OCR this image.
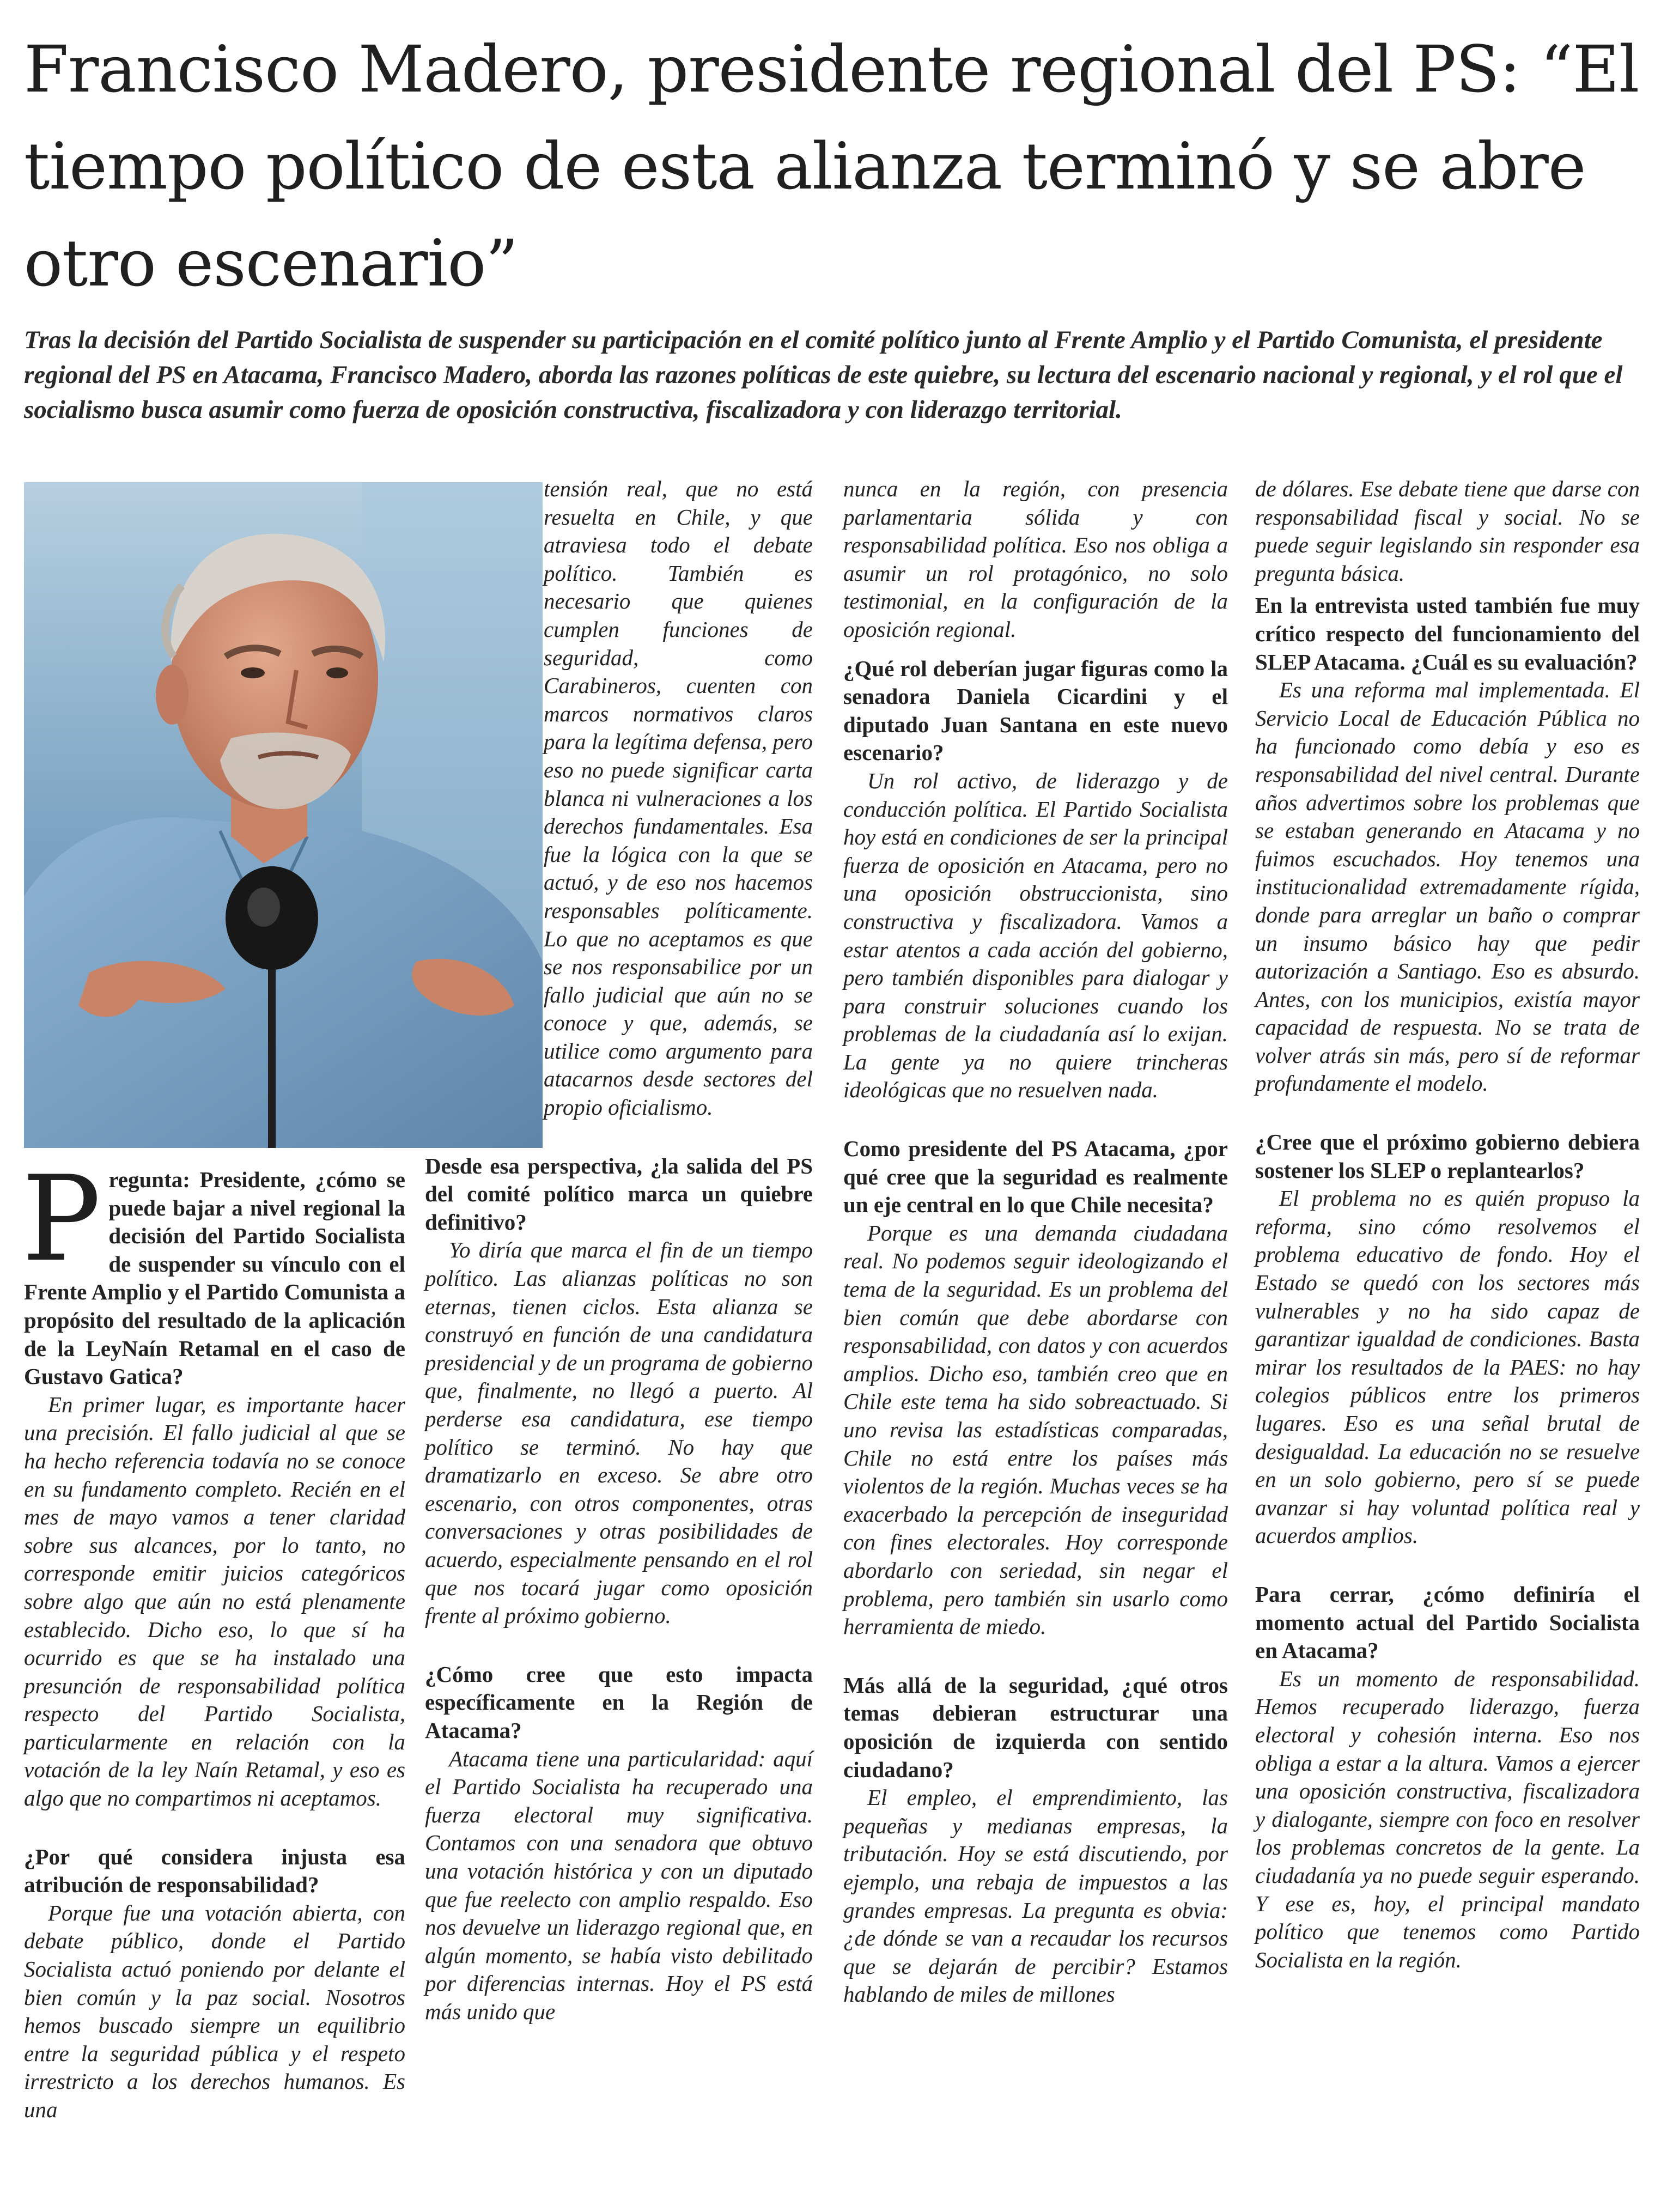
Francisco Madero, presidente regional del PS: “El tiempo político de esta alianza terminó y se abre otro escenario”

Tras la decisión del Partido Socialista de suspender su participación en el comité político junto al Frente Amplio y el Partido Comunista, el presidente regional del PS en Atacama, Francisco Madero, aborda las razones políticas de este quiebre, su lectura del escenario nacional y regional, y el rol que el socialismo busca asumir como fuerza de oposición constructiva, fiscalizadora y con liderazgo territorial.

Pregunta: Presidente, ¿cómo se puede bajar a nivel regional la decisión del Partido Socialista de suspender su vínculo con el Frente Amplio y el Partido Comunista a propósito del resultado de la aplicación de la LeyNaín Retamal en el caso de Gustavo Gatica?

En primer lugar, es importante hacer una precisión. El fallo judicial al que se ha hecho referencia todavía no se conoce en su fundamento completo. Recién en el mes de mayo vamos a tener claridad sobre sus alcances, por lo tanto, no corresponde emitir juicios categóricos sobre algo que aún no está plenamente establecido. Dicho eso, lo que sí ha ocurrido es que se ha instalado una presunción de responsabilidad política respecto del Partido Socialista, particularmente en relación con la votación de la ley Naín Retamal, y eso es algo que no compartimos ni aceptamos.

¿Por qué considera injusta esa atribución de responsabilidad?

Porque fue una votación abierta, con debate público, donde el Partido Socialista actuó poniendo por delante el bien común y la paz social. Nosotros hemos buscado siempre un equilibrio entre la seguridad pública y el respeto irrestricto a los derechos humanos. Es una

tensión real, que no está resuelta en Chile, y que atraviesa todo el debate político. También es necesario que quienes cumplen funciones de seguridad, como Carabineros, cuenten con marcos normativos claros para la legítima defensa, pero eso no puede significar carta blanca ni vulneraciones a los derechos fundamentales. Esa fue la lógica con la que se actuó, y de eso nos hacemos responsables políticamente. Lo que no aceptamos es que se nos responsabilice por un fallo judicial que aún no se conoce y que, además, se utilice como argumento para atacarnos desde sectores del propio oficialismo.

Desde esa perspectiva, ¿la salida del PS del comité político marca un quiebre definitivo?

Yo diría que marca el fin de un tiempo político. Las alianzas políticas no son eternas, tienen ciclos. Esta alianza se construyó en función de una candidatura presidencial y de un programa de gobierno que, finalmente, no llegó a puerto. Al perderse esa candidatura, ese tiempo político se terminó. No hay que dramatizarlo en exceso. Se abre otro escenario, con otros componentes, otras conversaciones y otras posibilidades de acuerdo, especialmente pensando en el rol que nos tocará jugar como oposición frente al próximo gobierno.

¿Cómo cree que esto impacta específicamente en la Región de Atacama?

Atacama tiene una particularidad: aquí el Partido Socialista ha recuperado una fuerza electoral muy significativa. Contamos con una senadora que obtuvo una votación histórica y con un diputado que fue reelecto con amplio respaldo. Eso nos devuelve un liderazgo regional que, en algún momento, se había visto debilitado por diferencias internas. Hoy el PS está más unido que

nunca en la región, con presencia parlamentaria sólida y con responsabilidad política. Eso nos obliga a asumir un rol protagónico, no solo testimonial, en la configuración de la oposición regional.

¿Qué rol deberían jugar figuras como la senadora Daniela Cicardini y el diputado Juan Santana en este nuevo escenario?

Un rol activo, de liderazgo y de conducción política. El Partido Socialista hoy está en condiciones de ser la principal fuerza de oposición en Atacama, pero no una oposición obstruccionista, sino constructiva y fiscalizadora. Vamos a estar atentos a cada acción del gobierno, pero también disponibles para dialogar y para construir soluciones cuando los problemas de la ciudadanía así lo exijan. La gente ya no quiere trincheras ideológicas que no resuelven nada.

Como presidente del PS Atacama, ¿por qué cree que la seguridad es realmente un eje central en lo que Chile necesita?

Porque es una demanda ciudadana real. No podemos seguir ideologizando el tema de la seguridad. Es un problema del bien común que debe abordarse con responsabilidad, con datos y con acuerdos amplios. Dicho eso, también creo que en Chile este tema ha sido sobreactuado. Si uno revisa las estadísticas comparadas, Chile no está entre los países más violentos de la región. Muchas veces se ha exacerbado la percepción de inseguridad con fines electorales. Hoy corresponde abordarlo con seriedad, sin negar el problema, pero también sin usarlo como herramienta de miedo.

Más allá de la seguridad, ¿qué otros temas debieran estructurar una oposición de izquierda con sentido ciudadano?

El empleo, el emprendimiento, las pequeñas y medianas empresas, la tributación. Hoy se está discutiendo, por ejemplo, una rebaja de impuestos a las grandes empresas. La pregunta es obvia: ¿de dónde se van a recaudar los recursos que se dejarán de percibir? Estamos hablando de miles de millones

de dólares. Ese debate tiene que darse con responsabilidad fiscal y social. No se puede seguir legislando sin responder esa pregunta básica.

En la entrevista usted también fue muy crítico respecto del funcionamiento del SLEP Atacama. ¿Cuál es su evaluación?

Es una reforma mal implementada. El Servicio Local de Educación Pública no ha funcionado como debía y eso es responsabilidad del nivel central. Durante años advertimos sobre los problemas que se estaban generando en Atacama y no fuimos escuchados. Hoy tenemos una institucionalidad extremadamente rígida, donde para arreglar un baño o comprar un insumo básico hay que pedir autorización a Santiago. Eso es absurdo. Antes, con los municipios, existía mayor capacidad de respuesta. No se trata de volver atrás sin más, pero sí de reformar profundamente el modelo.

¿Cree que el próximo gobierno debiera sostener los SLEP o replantearlos?

El problema no es quién propuso la reforma, sino cómo resolvemos el problema educativo de fondo. Hoy el Estado se quedó con los sectores más vulnerables y no ha sido capaz de garantizar igualdad de condiciones. Basta mirar los resultados de la PAES: no hay colegios públicos entre los primeros lugares. Eso es una señal brutal de desigualdad. La educación no se resuelve en un solo gobierno, pero sí se puede avanzar si hay voluntad política real y acuerdos amplios.

Para cerrar, ¿cómo definiría el momento actual del Partido Socialista en Atacama?

Es un momento de responsabilidad. Hemos recuperado liderazgo, fuerza electoral y cohesión interna. Eso nos obliga a estar a la altura. Vamos a ejercer una oposición constructiva, fiscalizadora y dialogante, siempre con foco en resolver los problemas concretos de la gente. La ciudadanía ya no puede seguir esperando. Y ese es, hoy, el principal mandato político que tenemos como Partido Socialista en la región.
